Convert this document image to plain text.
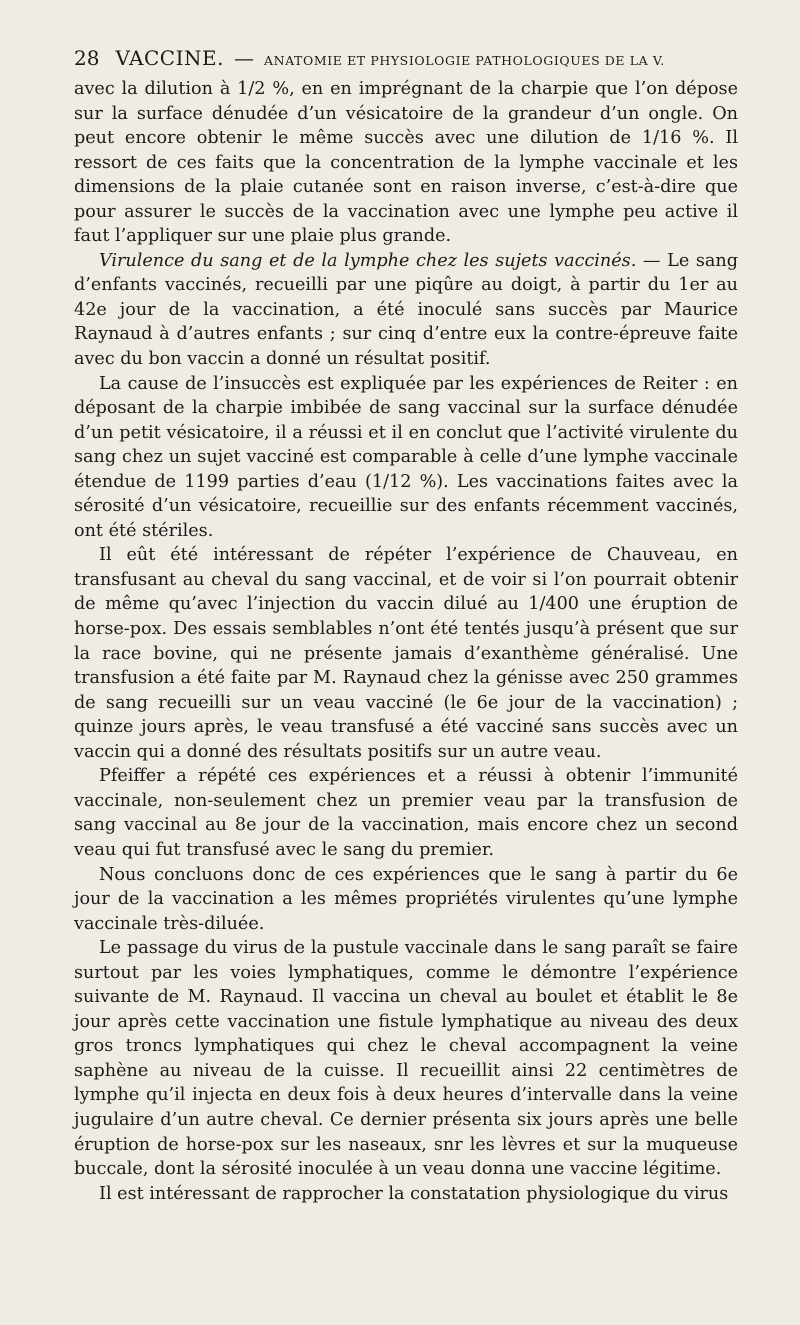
28 VACCINE. — ANATOMIE ET PHYSIOLOGIE PATHOLOGIQUES DE LA V.

avec la dilution à 1/2 %, en en imprégnant de la charpie que l’on dépose sur la surface dénudée d’un vésicatoire de la grandeur d’un ongle. On peut encore obtenir le même succès avec une dilution de 1/16 %. Il ressort de ces faits que la concentration de la lymphe vaccinale et les dimensions de la plaie cutanée sont en raison inverse, c’est-à-dire que pour assurer le succès de la vaccination avec une lymphe peu active il faut l’appliquer sur une plaie plus grande.

Virulence du sang et de la lymphe chez les sujets vaccinés. — Le sang d’enfants vaccinés, recueilli par une piqûre au doigt, à partir du 1er au 42e jour de la vaccination, a été inoculé sans succès par Maurice Raynaud à d’autres enfants ; sur cinq d’entre eux la contre-épreuve faite avec du bon vaccin a donné un résultat positif.

La cause de l’insuccès est expliquée par les expériences de Reiter : en déposant de la charpie imbibée de sang vaccinal sur la surface dénudée d’un petit vésicatoire, il a réussi et il en conclut que l’activité virulente du sang chez un sujet vacciné est comparable à celle d’une lymphe vaccinale étendue de 1199 parties d’eau (1/12 %). Les vaccinations faites avec la sérosité d’un vésicatoire, recueillie sur des enfants récemment vaccinés, ont été stériles.

Il eût été intéressant de répéter l’expérience de Chauveau, en transfusant au cheval du sang vaccinal, et de voir si l’on pourrait obtenir de même qu’avec l’injection du vaccin dilué au 1/400 une éruption de horse-pox. Des essais semblables n’ont été tentés jusqu’à présent que sur la race bovine, qui ne présente jamais d’exanthème généralisé. Une transfusion a été faite par M. Raynaud chez la génisse avec 250 grammes de sang recueilli sur un veau vacciné (le 6e jour de la vaccination) ; quinze jours après, le veau transfusé a été vacciné sans succès avec un vaccin qui a donné des résultats positifs sur un autre veau.

Pfeiffer a répété ces expériences et a réussi à obtenir l’immunité vaccinale, non-seulement chez un premier veau par la transfusion de sang vaccinal au 8e jour de la vaccination, mais encore chez un second veau qui fut transfusé avec le sang du premier.

Nous concluons donc de ces expériences que le sang à partir du 6e jour de la vaccination a les mêmes propriétés virulentes qu’une lymphe vaccinale très-diluée.

Le passage du virus de la pustule vaccinale dans le sang paraît se faire surtout par les voies lymphatiques, comme le démontre l’expérience suivante de M. Raynaud. Il vaccina un cheval au boulet et établit le 8e jour après cette vaccination une fistule lymphatique au niveau des deux gros troncs lymphatiques qui chez le cheval accompagnent la veine saphène au niveau de la cuisse. Il recueillit ainsi 22 centimètres de lymphe qu’il injecta en deux fois à deux heures d’intervalle dans la veine jugulaire d’un autre cheval. Ce dernier présenta six jours après une belle éruption de horse-pox sur les naseaux, snr les lèvres et sur la muqueuse buccale, dont la sérosité inoculée à un veau donna une vaccine légitime.

Il est intéressant de rapprocher la constatation physiologique du virus
